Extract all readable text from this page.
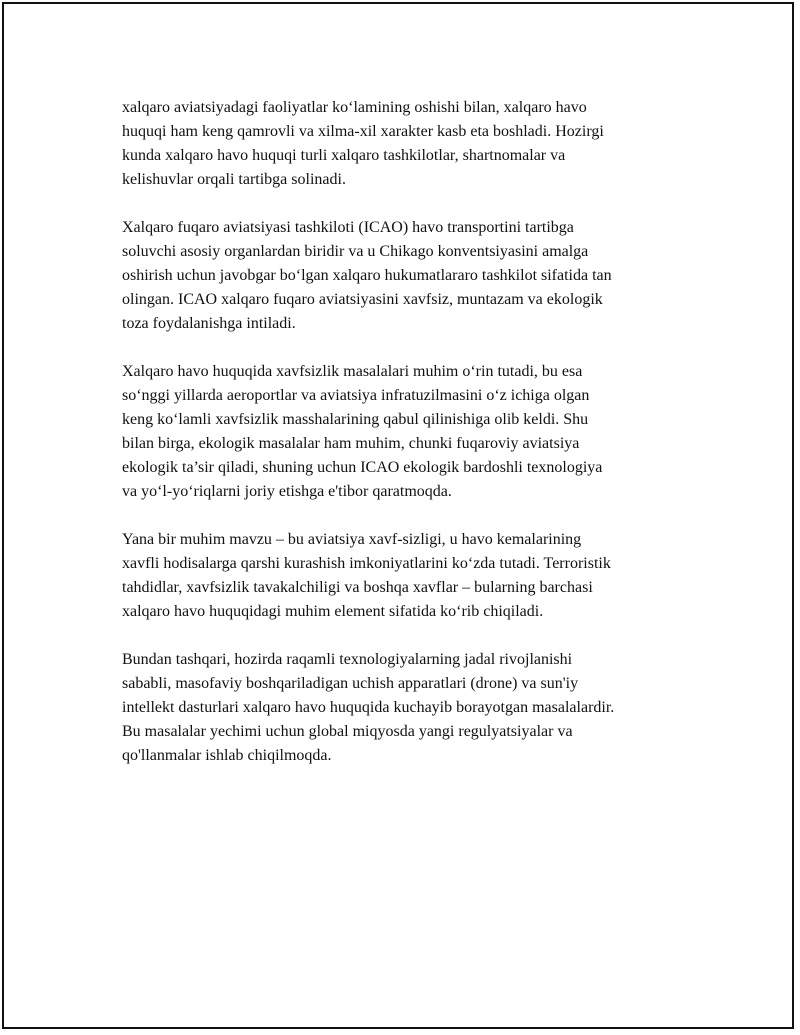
xalqaro aviatsiyadagi faoliyatlar ko‘lamining oshishi bilan, xalqaro havo
huquqi ham keng qamrovli va xilma-xil xarakter kasb eta boshladi. Hozirgi
kunda xalqaro havo huquqi turli xalqaro tashkilotlar, shartnomalar va
kelishuvlar orqali tartibga solinadi.

Xalqaro fuqaro aviatsiyasi tashkiloti (ICAO) havo transportini tartibga
soluvchi asosiy organlardan biridir va u Chikago konventsiyasini amalga
oshirish uchun javobgar bo‘lgan xalqaro hukumatlararo tashkilot sifatida tan
olingan. ICAO xalqaro fuqaro aviatsiyasini xavfsiz, muntazam va ekologik
toza foydalanishga intiladi.

Xalqaro havo huquqida xavfsizlik masalalari muhim o‘rin tutadi, bu esa
so‘nggi yillarda aeroportlar va aviatsiya infratuzilmasini o‘z ichiga olgan
keng ko‘lamli xavfsizlik masshalarining qabul qilinishiga olib keldi. Shu
bilan birga, ekologik masalalar ham muhim, chunki fuqaroviy aviatsiya
ekologik ta’sir qiladi, shuning uchun ICAO ekologik bardoshli texnologiya
va yo‘l-yo‘riqlarni joriy etishga e'tibor qaratmoqda.

Yana bir muhim mavzu – bu aviatsiya xavf-sizligi, u havo kemalarining
xavfli hodisalarga qarshi kurashish imkoniyatlarini ko‘zda tutadi. Terroristik
tahdidlar, xavfsizlik tavakalchiligi va boshqa xavflar – bularning barchasi
xalqaro havo huquqidagi muhim element sifatida ko‘rib chiqiladi.

Bundan tashqari, hozirda raqamli texnologiyalarning jadal rivojlanishi
sababli, masofaviy boshqariladigan uchish apparatlari (drone) va sun'iy
intellekt dasturlari xalqaro havo huquqida kuchayib borayotgan masalalardir.
Bu masalalar yechimi uchun global miqyosda yangi regulyatsiyalar va
qo'llanmalar ishlab chiqilmoqda.
